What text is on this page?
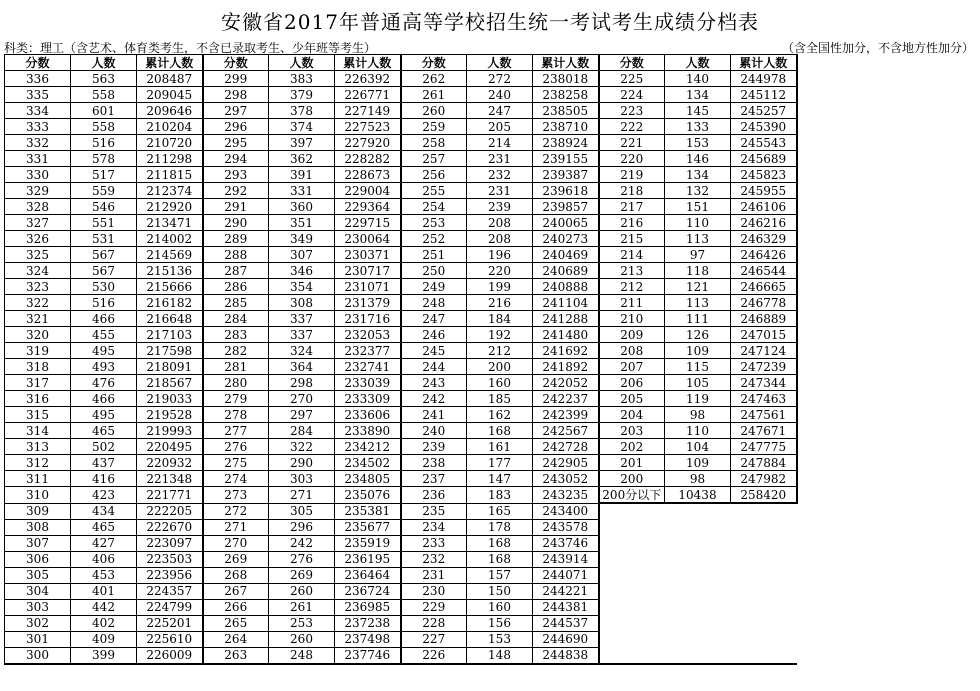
安徽省2017年普通高等学校招生统一考试考生成绩分档表
科类：理工（含艺术、体育类考生，不含已录取考生、少年班等考生）	（含全国性加分，不含地方性加分）
分数	人数	累计人数	分数	人数	累计人数	分数	人数	累计人数	分数	人数	累计人数
336	563	208487	299	383	226392	262	272	238018	225	140	244978
335	558	209045	298	379	226771	261	240	238258	224	134	245112
334	601	209646	297	378	227149	260	247	238505	223	145	245257
333	558	210204	296	374	227523	259	205	238710	222	133	245390
332	516	210720	295	397	227920	258	214	238924	221	153	245543
331	578	211298	294	362	228282	257	231	239155	220	146	245689
330	517	211815	293	391	228673	256	232	239387	219	134	245823
329	559	212374	292	331	229004	255	231	239618	218	132	245955
328	546	212920	291	360	229364	254	239	239857	217	151	246106
327	551	213471	290	351	229715	253	208	240065	216	110	246216
326	531	214002	289	349	230064	252	208	240273	215	113	246329
325	567	214569	288	307	230371	251	196	240469	214	97	246426
324	567	215136	287	346	230717	250	220	240689	213	118	246544
323	530	215666	286	354	231071	249	199	240888	212	121	246665
322	516	216182	285	308	231379	248	216	241104	211	113	246778
321	466	216648	284	337	231716	247	184	241288	210	111	246889
320	455	217103	283	337	232053	246	192	241480	209	126	247015
319	495	217598	282	324	232377	245	212	241692	208	109	247124
318	493	218091	281	364	232741	244	200	241892	207	115	247239
317	476	218567	280	298	233039	243	160	242052	206	105	247344
316	466	219033	279	270	233309	242	185	242237	205	119	247463
315	495	219528	278	297	233606	241	162	242399	204	98	247561
314	465	219993	277	284	233890	240	168	242567	203	110	247671
313	502	220495	276	322	234212	239	161	242728	202	104	247775
312	437	220932	275	290	234502	238	177	242905	201	109	247884
311	416	221348	274	303	234805	237	147	243052	200	98	247982
310	423	221771	273	271	235076	236	183	243235	200分以下	10438	258420
309	434	222205	272	305	235381	235	165	243400			
308	465	222670	271	296	235677	234	178	243578			
307	427	223097	270	242	235919	233	168	243746			
306	406	223503	269	276	236195	232	168	243914			
305	453	223956	268	269	236464	231	157	244071			
304	401	224357	267	260	236724	230	150	244221			
303	442	224799	266	261	236985	229	160	244381			
302	402	225201	265	253	237238	228	156	244537			
301	409	225610	264	260	237498	227	153	244690			
300	399	226009	263	248	237746	226	148	244838			
